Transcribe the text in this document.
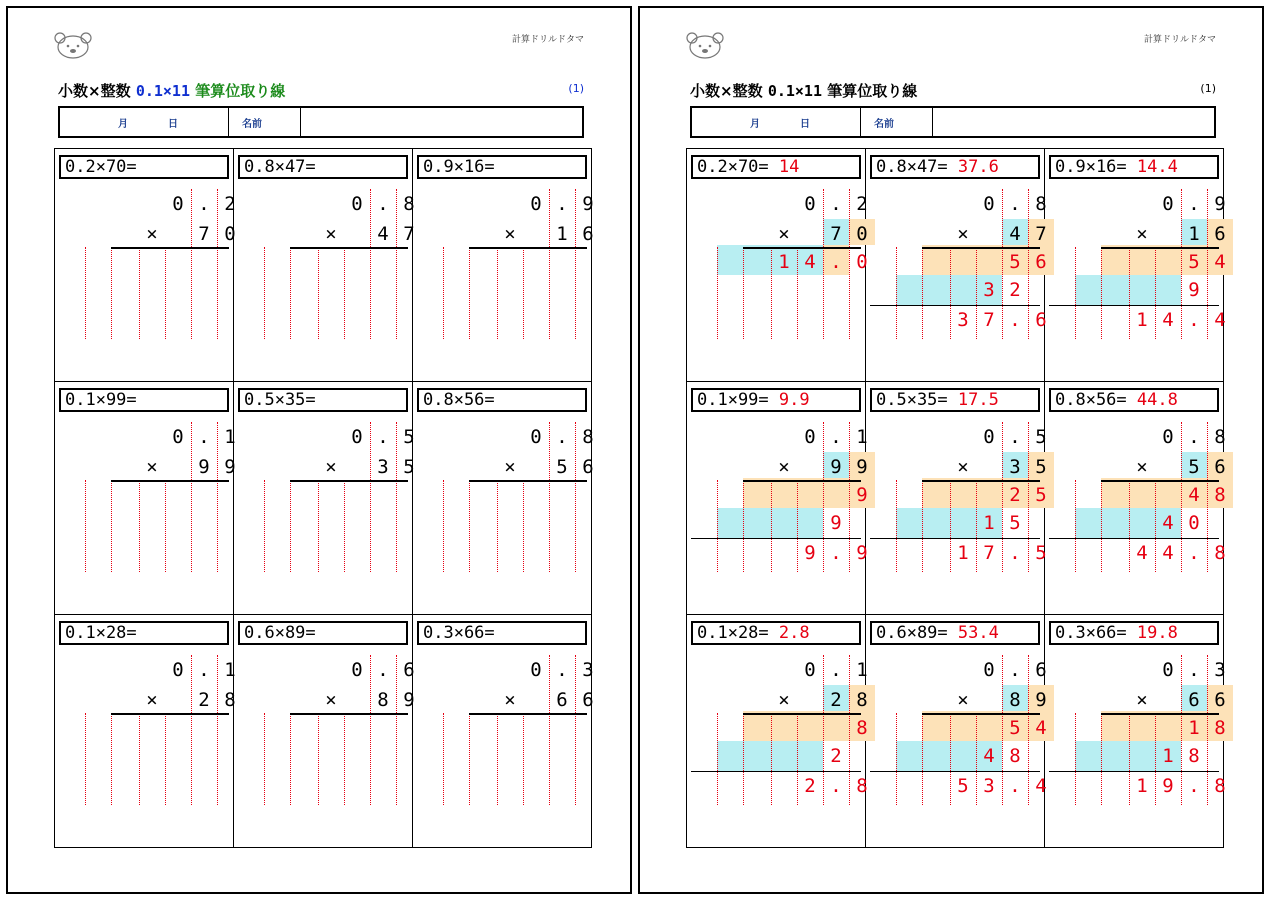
計算ドリルドタマ
小数×整数 0.1×11 筆算位取り線	(1)
月	日	名前
0.2×70=
0 . 2
×	7 0
0.8×47=
0 . 8
×	4 7
0.9×16=
0 . 9
×	1 6
0.1×99=
0 . 1
×	9 9
0.5×35=
0 . 5
×	3 5
0.8×56=
0 . 8
×	5 6
0.1×28=
0 . 1
×	2 8
0.6×89=
0 . 6
×	8 9
0.3×66=
0 . 3
×	6 6
計算ドリルドタマ
小数×整数 0.1×11 筆算位取り線	(1)
月	日	名前
0.2×70= 14
0 . 2
×	7 0
1 4 . 0
0.8×47= 37.6
0 . 8
×	4 7
5 6
3 2
3 7 . 6
0.9×16= 14.4
0 . 9
×	1 6
5 4
9
1 4 . 4
0.1×99= 9.9
0 . 1
×	9 9
9
9
9 . 9
0.5×35= 17.5
0 . 5
×	3 5
2 5
1 5
1 7 . 5
0.8×56= 44.8
0 . 8
×	5 6
4 8
4 0
4 4 . 8
0.1×28= 2.8
0 . 1
×	2 8
8
2
2 . 8
0.6×89= 53.4
0 . 6
×	8 9
5 4
4 8
5 3 . 4
0.3×66= 19.8
0 . 3
×	6 6
1 8
1 8
1 9 . 8
